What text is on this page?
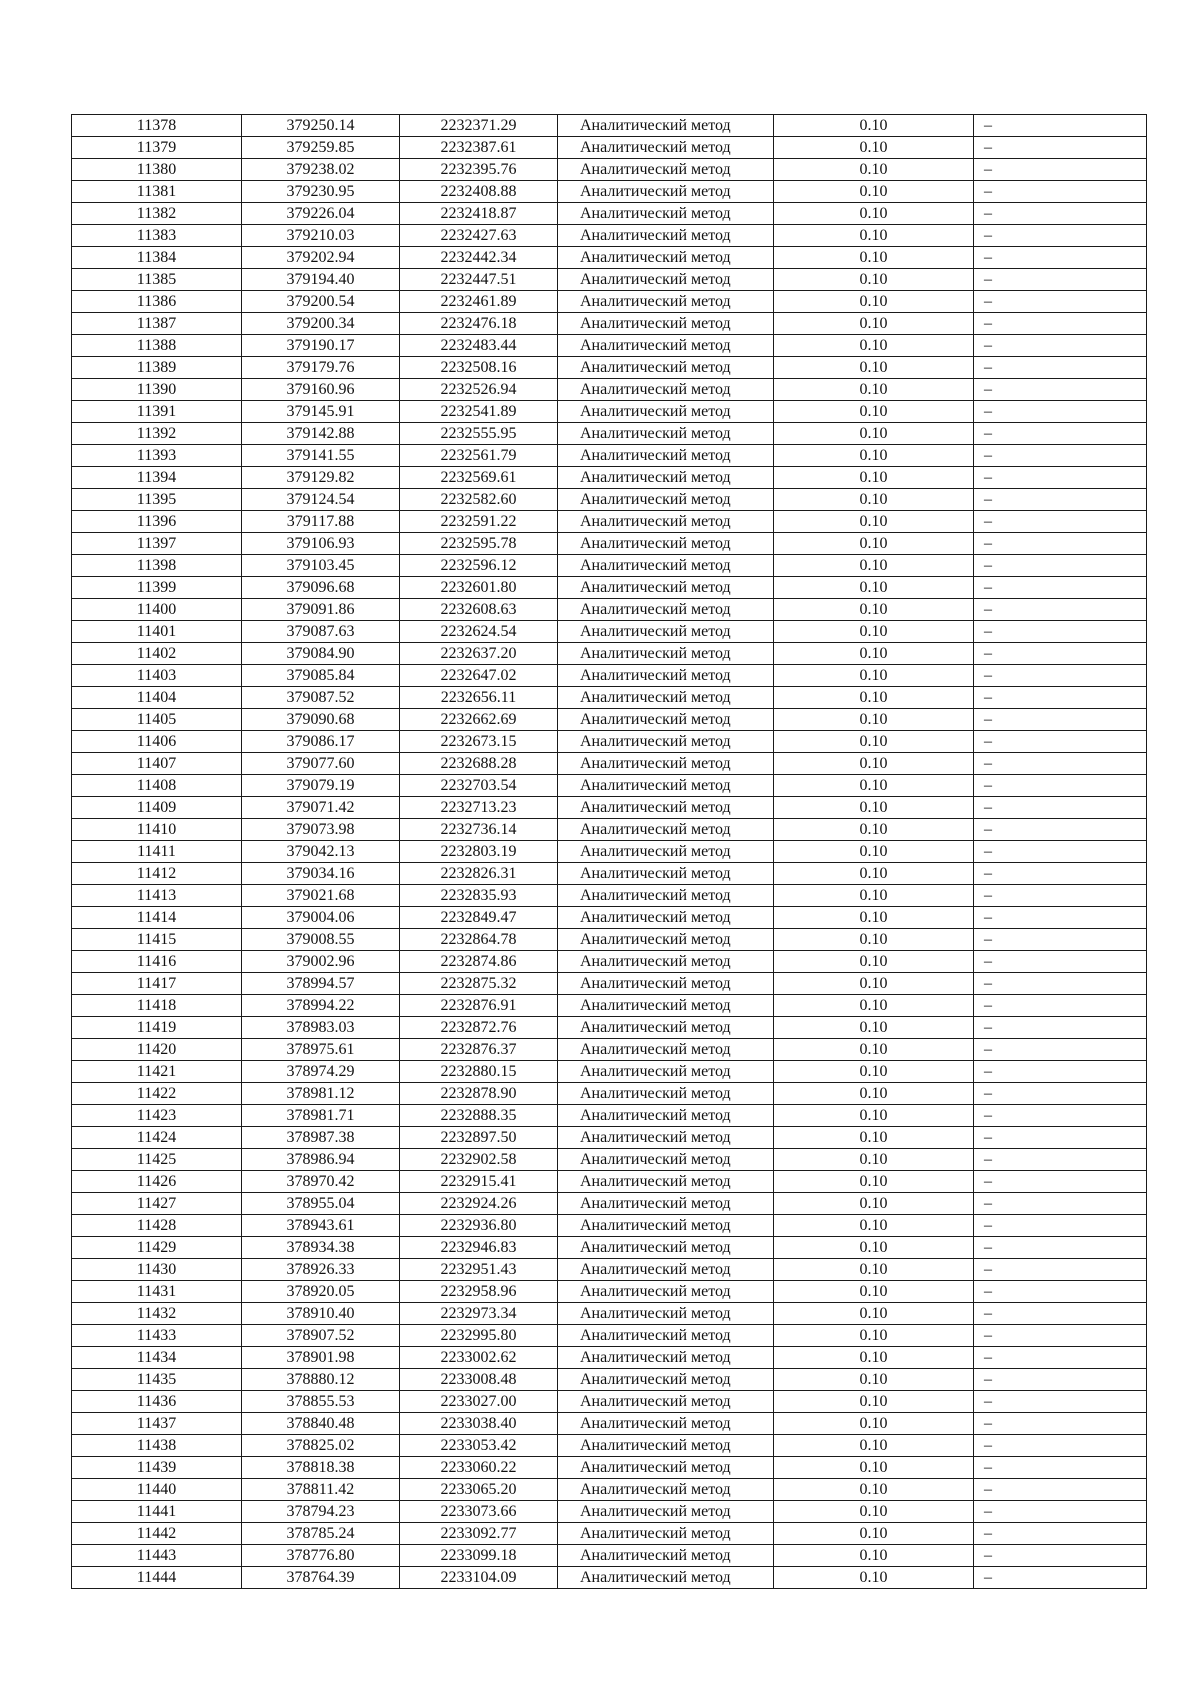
11378	379250.14	2232371.29	Аналитический метод	0.10	–
11379	379259.85	2232387.61	Аналитический метод	0.10	–
11380	379238.02	2232395.76	Аналитический метод	0.10	–
11381	379230.95	2232408.88	Аналитический метод	0.10	–
11382	379226.04	2232418.87	Аналитический метод	0.10	–
11383	379210.03	2232427.63	Аналитический метод	0.10	–
11384	379202.94	2232442.34	Аналитический метод	0.10	–
11385	379194.40	2232447.51	Аналитический метод	0.10	–
11386	379200.54	2232461.89	Аналитический метод	0.10	–
11387	379200.34	2232476.18	Аналитический метод	0.10	–
11388	379190.17	2232483.44	Аналитический метод	0.10	–
11389	379179.76	2232508.16	Аналитический метод	0.10	–
11390	379160.96	2232526.94	Аналитический метод	0.10	–
11391	379145.91	2232541.89	Аналитический метод	0.10	–
11392	379142.88	2232555.95	Аналитический метод	0.10	–
11393	379141.55	2232561.79	Аналитический метод	0.10	–
11394	379129.82	2232569.61	Аналитический метод	0.10	–
11395	379124.54	2232582.60	Аналитический метод	0.10	–
11396	379117.88	2232591.22	Аналитический метод	0.10	–
11397	379106.93	2232595.78	Аналитический метод	0.10	–
11398	379103.45	2232596.12	Аналитический метод	0.10	–
11399	379096.68	2232601.80	Аналитический метод	0.10	–
11400	379091.86	2232608.63	Аналитический метод	0.10	–
11401	379087.63	2232624.54	Аналитический метод	0.10	–
11402	379084.90	2232637.20	Аналитический метод	0.10	–
11403	379085.84	2232647.02	Аналитический метод	0.10	–
11404	379087.52	2232656.11	Аналитический метод	0.10	–
11405	379090.68	2232662.69	Аналитический метод	0.10	–
11406	379086.17	2232673.15	Аналитический метод	0.10	–
11407	379077.60	2232688.28	Аналитический метод	0.10	–
11408	379079.19	2232703.54	Аналитический метод	0.10	–
11409	379071.42	2232713.23	Аналитический метод	0.10	–
11410	379073.98	2232736.14	Аналитический метод	0.10	–
11411	379042.13	2232803.19	Аналитический метод	0.10	–
11412	379034.16	2232826.31	Аналитический метод	0.10	–
11413	379021.68	2232835.93	Аналитический метод	0.10	–
11414	379004.06	2232849.47	Аналитический метод	0.10	–
11415	379008.55	2232864.78	Аналитический метод	0.10	–
11416	379002.96	2232874.86	Аналитический метод	0.10	–
11417	378994.57	2232875.32	Аналитический метод	0.10	–
11418	378994.22	2232876.91	Аналитический метод	0.10	–
11419	378983.03	2232872.76	Аналитический метод	0.10	–
11420	378975.61	2232876.37	Аналитический метод	0.10	–
11421	378974.29	2232880.15	Аналитический метод	0.10	–
11422	378981.12	2232878.90	Аналитический метод	0.10	–
11423	378981.71	2232888.35	Аналитический метод	0.10	–
11424	378987.38	2232897.50	Аналитический метод	0.10	–
11425	378986.94	2232902.58	Аналитический метод	0.10	–
11426	378970.42	2232915.41	Аналитический метод	0.10	–
11427	378955.04	2232924.26	Аналитический метод	0.10	–
11428	378943.61	2232936.80	Аналитический метод	0.10	–
11429	378934.38	2232946.83	Аналитический метод	0.10	–
11430	378926.33	2232951.43	Аналитический метод	0.10	–
11431	378920.05	2232958.96	Аналитический метод	0.10	–
11432	378910.40	2232973.34	Аналитический метод	0.10	–
11433	378907.52	2232995.80	Аналитический метод	0.10	–
11434	378901.98	2233002.62	Аналитический метод	0.10	–
11435	378880.12	2233008.48	Аналитический метод	0.10	–
11436	378855.53	2233027.00	Аналитический метод	0.10	–
11437	378840.48	2233038.40	Аналитический метод	0.10	–
11438	378825.02	2233053.42	Аналитический метод	0.10	–
11439	378818.38	2233060.22	Аналитический метод	0.10	–
11440	378811.42	2233065.20	Аналитический метод	0.10	–
11441	378794.23	2233073.66	Аналитический метод	0.10	–
11442	378785.24	2233092.77	Аналитический метод	0.10	–
11443	378776.80	2233099.18	Аналитический метод	0.10	–
11444	378764.39	2233104.09	Аналитический метод	0.10	–
